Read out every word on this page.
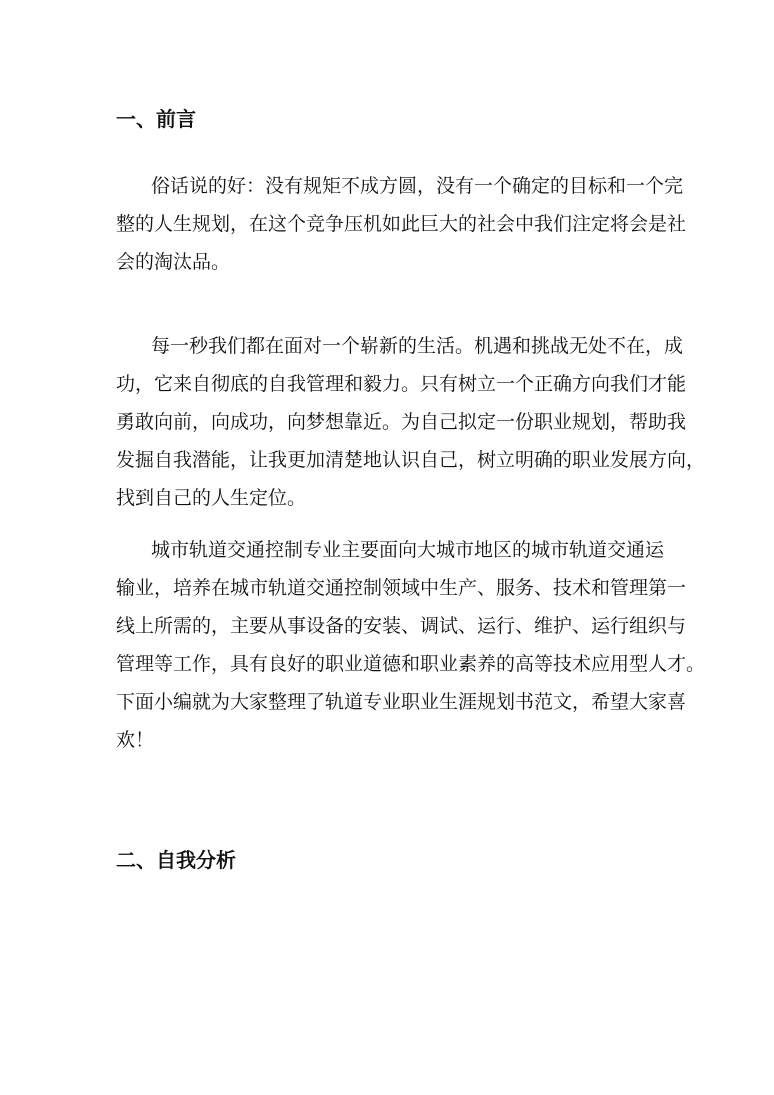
一、前言
俗话说的好：没有规矩不成方圆，没有一个确定的目标和一个完
整的人生规划，在这个竞争压机如此巨大的社会中我们注定将会是社
会的淘汰品。
每一秒我们都在面对一个崭新的生活。机遇和挑战无处不在，成
功，它来自彻底的自我管理和毅力。只有树立一个正确方向我们才能
勇敢向前，向成功，向梦想靠近。为自己拟定一份职业规划，帮助我
发掘自我潜能，让我更加清楚地认识自己，树立明确的职业发展方向，
找到自己的人生定位。
城市轨道交通控制专业主要面向大城市地区的城市轨道交通运
输业，培养在城市轨道交通控制领域中生产、服务、技术和管理第一
线上所需的，主要从事设备的安装、调试、运行、维护、运行组织与
管理等工作，具有良好的职业道德和职业素养的高等技术应用型人才。
下面小编就为大家整理了轨道专业职业生涯规划书范文，希望大家喜
欢！
二、自我分析
